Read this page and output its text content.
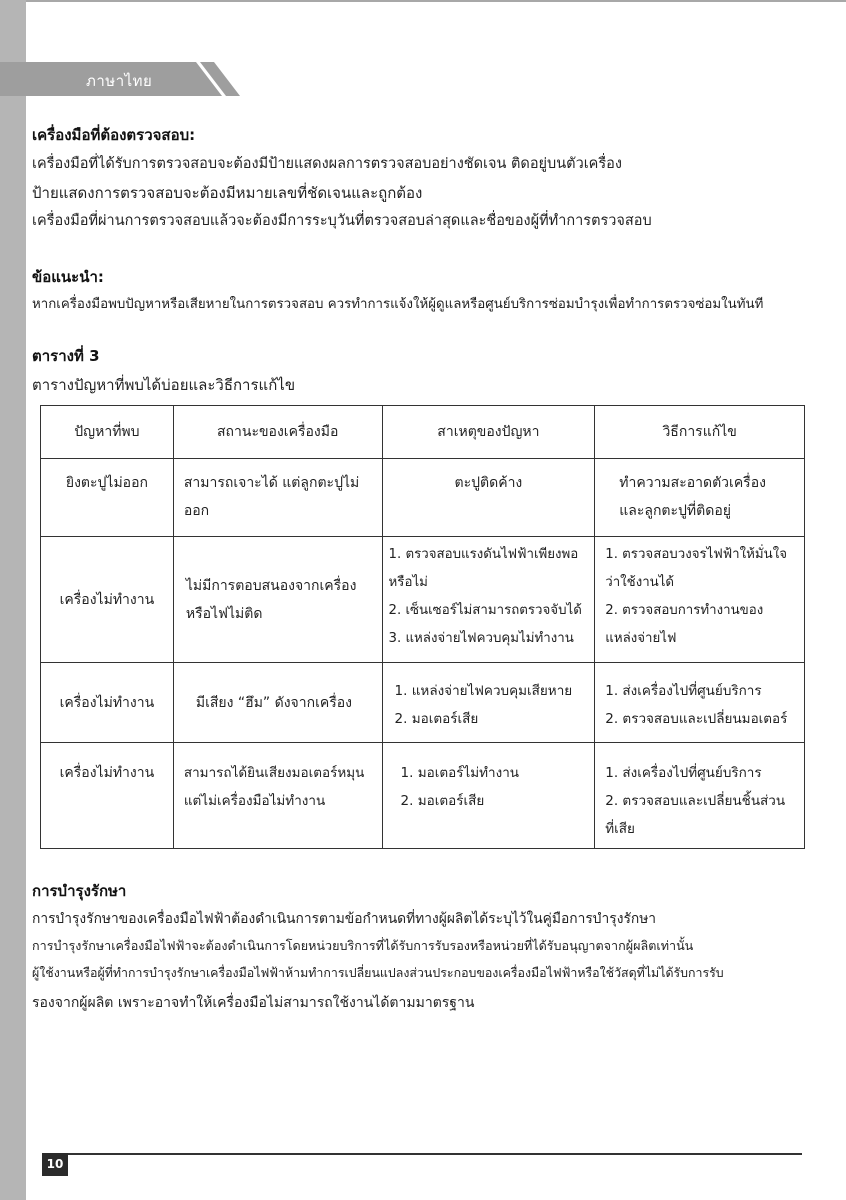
ภาษาไทย
เครื่องมือที่ต้องตรวจสอบ:
เครื่องมือที่ได้รับการตรวจสอบจะต้องมีป้ายแสดงผลการตรวจสอบอย่างชัดเจน ติดอยู่บนตัวเครื่อง
ป้ายแสดงการตรวจสอบจะต้องมีหมายเลขที่ชัดเจนและถูกต้อง
เครื่องมือที่ผ่านการตรวจสอบแล้วจะต้องมีการระบุวันที่ตรวจสอบล่าสุดและชื่อของผู้ที่ทำการตรวจสอบ
ข้อแนะนำ:
หากเครื่องมือพบปัญหาหรือเสียหายในการตรวจสอบ ควรทำการแจ้งให้ผู้ดูแลหรือศูนย์บริการซ่อมบำรุงเพื่อทำการตรวจซ่อมในทันที
ตารางที่ 3
ตารางปัญหาที่พบได้บ่อยและวิธีการแก้ไข
ปัญหาที่พบ	สถานะของเครื่องมือ	สาเหตุของปัญหา	วิธีการแก้ไข

ยิงตะปูไม่ออก	สามารถเจาะได้ แต่ลูกตะปูไม่ออก	ตะปูติดค้าง	ทำความสะอาดตัวเครื่อง
และลูกตะปูที่ติดอยู่

เครื่องไม่ทำงาน	ไม่มีการตอบสนองจากเครื่อง
หรือไฟไม่ติด	1. ตรวจสอบแรงดันไฟฟ้าเพียงพอ
หรือไม่
2. เซ็นเซอร์ไม่สามารถตรวจจับได้
3. แหล่งจ่ายไฟควบคุมไม่ทำงาน	1. ตรวจสอบวงจรไฟฟ้าให้มั่นใจ
ว่าใช้งานได้
2. ตรวจสอบการทำงานของ
แหล่งจ่ายไฟ

เครื่องไม่ทำงาน	มีเสียง “ฮึม” ดังจากเครื่อง	1. แหล่งจ่ายไฟควบคุมเสียหาย
2. มอเตอร์เสีย	1. ส่งเครื่องไปที่ศูนย์บริการ
2. ตรวจสอบและเปลี่ยนมอเตอร์

เครื่องไม่ทำงาน	สามารถได้ยินเสียงมอเตอร์หมุน
แต่ไม่เครื่องมือไม่ทำงาน	1. มอเตอร์ไม่ทำงาน
2. มอเตอร์เสีย	1. ส่งเครื่องไปที่ศูนย์บริการ
2. ตรวจสอบและเปลี่ยนชิ้นส่วน
ที่เสีย
การบำรุงรักษา
การบำรุงรักษาของเครื่องมือไฟฟ้าต้องดำเนินการตามข้อกำหนดที่ทางผู้ผลิตได้ระบุไว้ในคู่มือการบำรุงรักษา
การบำรุงรักษาเครื่องมือไฟฟ้าจะต้องดำเนินการโดยหน่วยบริการที่ได้รับการรับรองหรือหน่วยที่ได้รับอนุญาตจากผู้ผลิตเท่านั้น
ผู้ใช้งานหรือผู้ที่ทำการบำรุงรักษาเครื่องมือไฟฟ้าห้ามทำการเปลี่ยนแปลงส่วนประกอบของเครื่องมือไฟฟ้าหรือใช้วัสดุที่ไม่ได้รับการรับ
รองจากผู้ผลิต เพราะอาจทำให้เครื่องมือไม่สามารถใช้งานได้ตามมาตรฐาน
10
